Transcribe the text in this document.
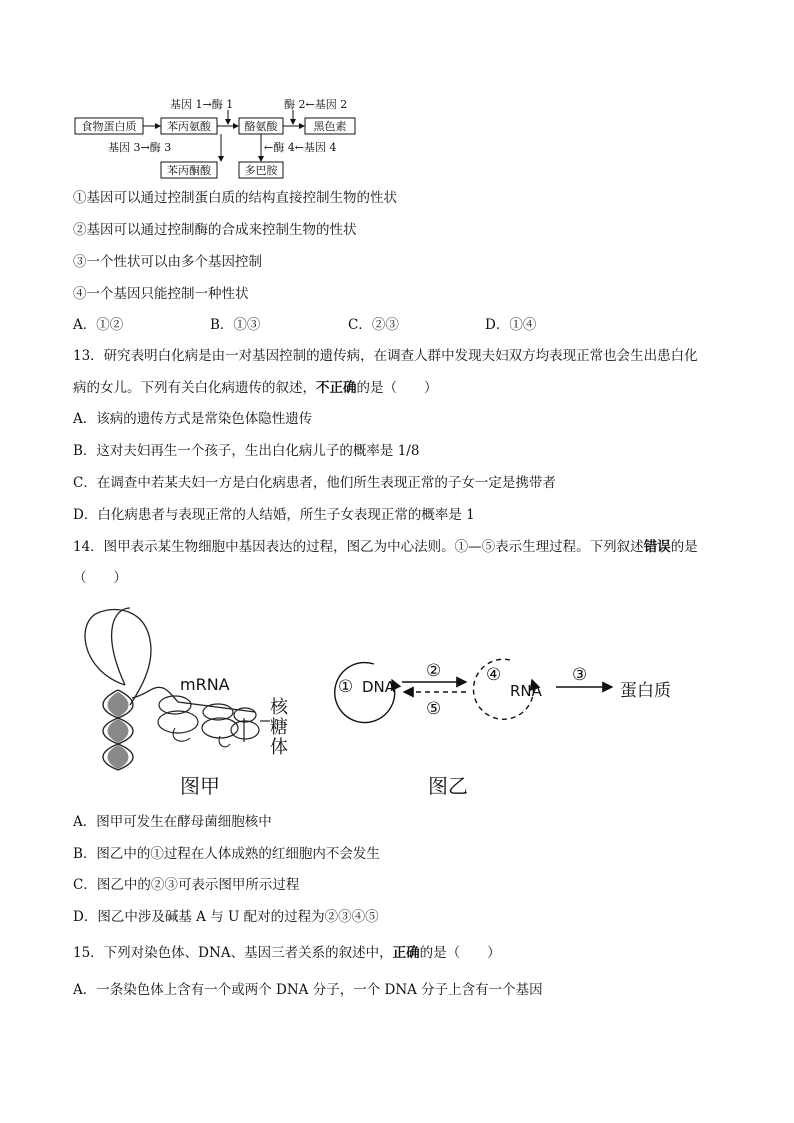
食物蛋白质	苯丙氨酸	酪氨酸	黑色素
苯丙酮酸	多巴胺
基因 1→酶 1	酶 2←基因 2
基因 3→酶 3	←酶 4←基因 4
①基因可以通过控制蛋白质的结构直接控制生物的性状
②基因可以通过控制酶的合成来控制生物的性状
③一个性状可以由多个基因控制
④一个基因只能控制一种性状
A．①②	B．①③	C．②③	D．①④
13．研究表明白化病是由一对基因控制的遗传病，在调查人群中发现夫妇双方均表现正常也会生出患白化
病的女儿。下列有关白化病遗传的叙述，不正确的是（　　）
A．该病的遗传方式是常染色体隐性遗传
B．这对夫妇再生一个孩子，生出白化病儿子的概率是 1/8
C．在调查中若某夫妇一方是白化病患者，他们所生表现正常的子女一定是携带者
D．白化病患者与表现正常的人结婚，所生子女表现正常的概率是 1
14．图甲表示某生物细胞中基因表达的过程，图乙为中心法则。①—⑤表示生理过程。下列叙述错误的是
（　　）
mRNA
核
糖
体
图甲
① DNA
②
⑤
④
RNA
③
蛋白质
图乙
A．图甲可发生在酵母菌细胞核中
B．图乙中的①过程在人体成熟的红细胞内不会发生
C．图乙中的②③可表示图甲所示过程
D．图乙中涉及碱基 A 与 U 配对的过程为②③④⑤
15．下列对染色体、DNA、基因三者关系的叙述中，正确的是（　　）
A．一条染色体上含有一个或两个 DNA 分子，一个 DNA 分子上含有一个基因
